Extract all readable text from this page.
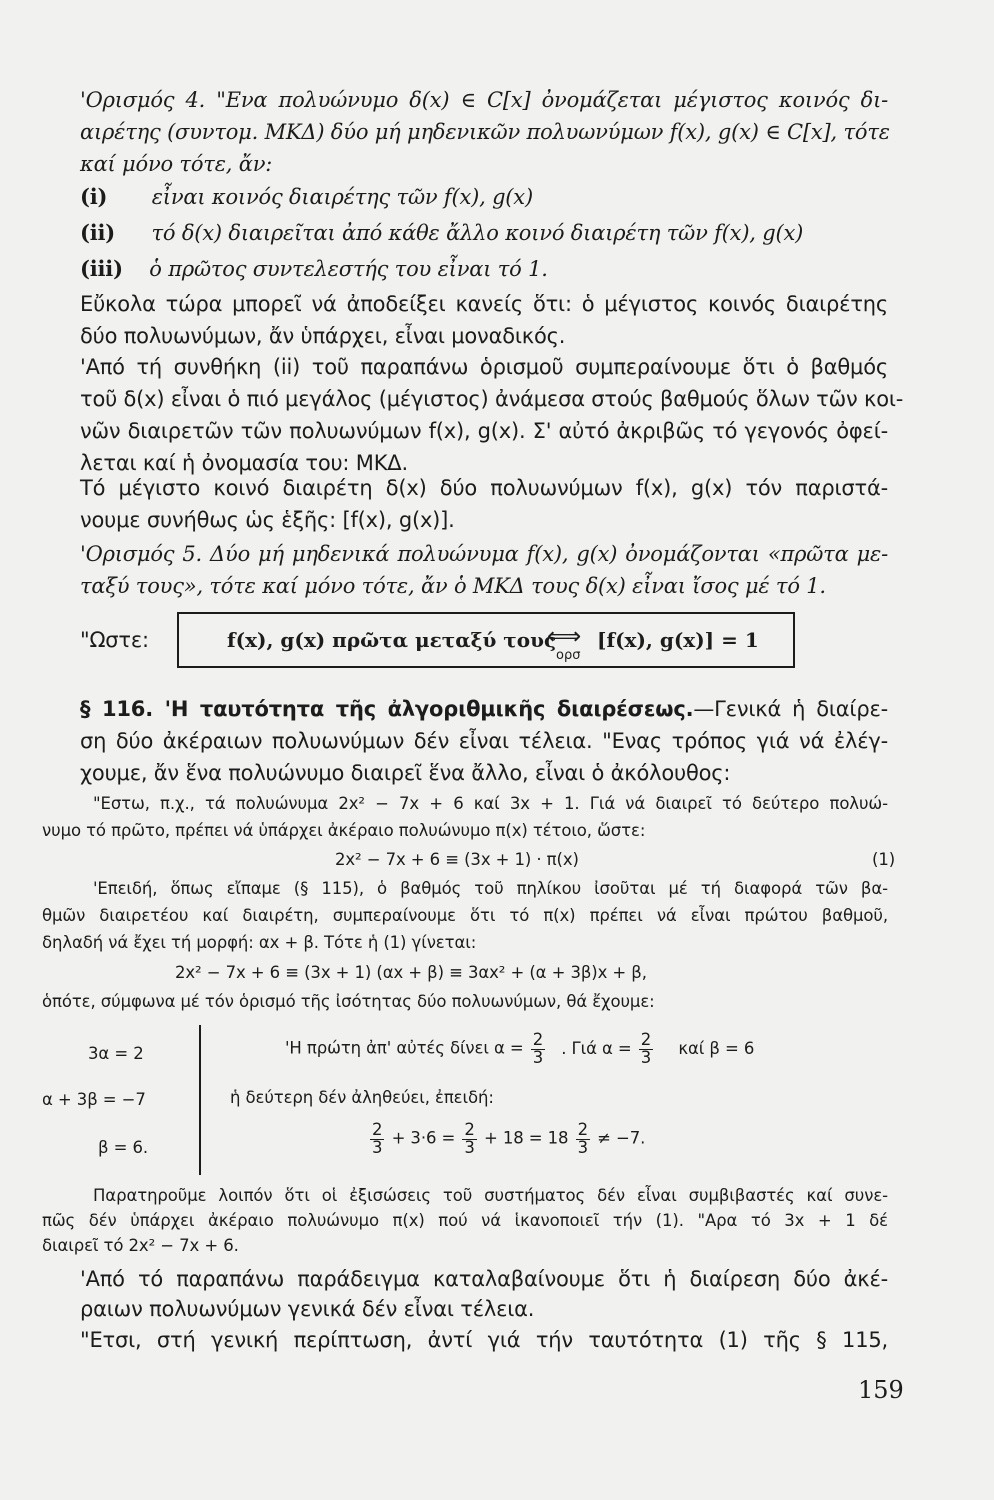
'Ορισμός 4. "Ενα πολυώνυμο δ(x) ∈ C[x] ὀνομάζεται μέγιστος κοινός δι-
αιρέτης (συντομ. ΜΚΔ) δύο μή μηδενικῶν πολυωνύμων f(x), g(x) ∈ C[x], τότε
καί μόνο τότε, ἄν:
(i) εἶναι κοινός διαιρέτης τῶν f(x), g(x)
(ii) τό δ(x) διαιρεῖται ἀπό κάθε ἄλλο κοινό διαιρέτη τῶν f(x), g(x)
(iii) ὁ πρῶτος συντελεστής του εἶναι τό 1.
Εὔκολα τώρα μπορεῖ νά ἀποδείξει κανείς ὅτι: ὁ μέγιστος κοινός διαιρέτης
δύο πολυωνύμων, ἄν ὑπάρχει, εἶναι μοναδικός.
'Από τή συνθήκη (ii) τοῦ παραπάνω ὁρισμοῦ συμπεραίνουμε ὅτι ὁ βαθμός
τοῦ δ(x) εἶναι ὁ πιό μεγάλος (μέγιστος) ἀνάμεσα στούς βαθμούς ὅλων τῶν κοι-
νῶν διαιρετῶν τῶν πολυωνύμων f(x), g(x). Σ' αὐτό ἀκριβῶς τό γεγονός ὀφεί-
λεται καί ἡ ὀνομασία του: ΜΚΔ.
Τό μέγιστο κοινό διαιρέτη δ(x) δύο πολυωνύμων f(x), g(x) τόν παριστά-
νουμε συνήθως ὡς ἑξῆς: [f(x), g(x)].
'Ορισμός 5. Δύο μή μηδενικά πολυώνυμα f(x), g(x) ὀνομάζονται «πρῶτα με-
ταξύ τους», τότε καί μόνο τότε, ἄν ὁ ΜΚΔ τους δ(x) εἶναι ἴσος μέ τό 1.
"Ωστε:	f(x), g(x) πρῶτα μεταξύ τους
⟺
ορσ
[f(x), g(x)] = 1
§ 116. 'Η ταυτότητα τῆς ἀλγοριθμικῆς διαιρέσεως.—Γενικά ἡ διαίρε-
ση δύο ἀκέραιων πολυωνύμων δέν εἶναι τέλεια. "Ενας τρόπος γιά νά ἐλέγ-
χουμε, ἄν ἕνα πολυώνυμο διαιρεῖ ἕνα ἄλλο, εἶναι ὁ ἀκόλουθος:
"Εστω, π.χ., τά πολυώνυμα 2x² − 7x + 6 καί 3x + 1. Γιά νά διαιρεῖ τό δεύτερο πολυώ-
νυμο τό πρῶτο, πρέπει νά ὑπάρχει ἀκέραιο πολυώνυμο π(x) τέτοιο, ὥστε:
2x² − 7x + 6 ≡ (3x + 1) · π(x)	(1)
'Επειδή, ὅπως εἴπαμε (§ 115), ὁ βαθμός τοῦ πηλίκου ἰσοῦται μέ τή διαφορά τῶν βα-
θμῶν διαιρετέου καί διαιρέτη, συμπεραίνουμε ὅτι τό π(x) πρέπει νά εἶναι πρώτου βαθμοῦ,
δηλαδή νά ἔχει τή μορφή: αx + β. Τότε ἡ (1) γίνεται:
2x² − 7x + 6 ≡ (3x + 1) (αx + β) ≡ 3αx² + (α + 3β)x + β,
ὁπότε, σύμφωνα μέ τόν ὁρισμό τῆς ἰσότητας δύο πολυωνύμων, θά ἔχουμε:
3α = 2
α + 3β = −7
β = 6.
'Η πρώτη ἀπ' αὐτές δίνει $\alpha = \frac{2}{3}$ . Γιά $\alpha = \frac{2}{3}$ καί β = 6
ἡ δεύτερη δέν ἀληθεύει, ἐπειδή:
$\frac{2}{3} + 3\cdot 6 = \frac{2}{3} + 18 = 18 \frac{2}{3} \ne -7$.
Παρατηροῦμε λοιπόν ὅτι οἱ ἐξισώσεις τοῦ συστήματος δέν εἶναι συμβιβαστές καί συνε-
πῶς δέν ὑπάρχει ἀκέραιο πολυώνυμο π(x) πού νά ἱκανοποιεῖ τήν (1). "Αρα τό 3x + 1 δέ
διαιρεῖ τό 2x² − 7x + 6.
'Από τό παραπάνω παράδειγμα καταλαβαίνουμε ὅτι ἡ διαίρεση δύο ἀκέ-
ραιων πολυωνύμων γενικά δέν εἶναι τέλεια.
"Ετσι, στή γενική περίπτωση, ἀντί γιά τήν ταυτότητα (1) τῆς § 115,
159
